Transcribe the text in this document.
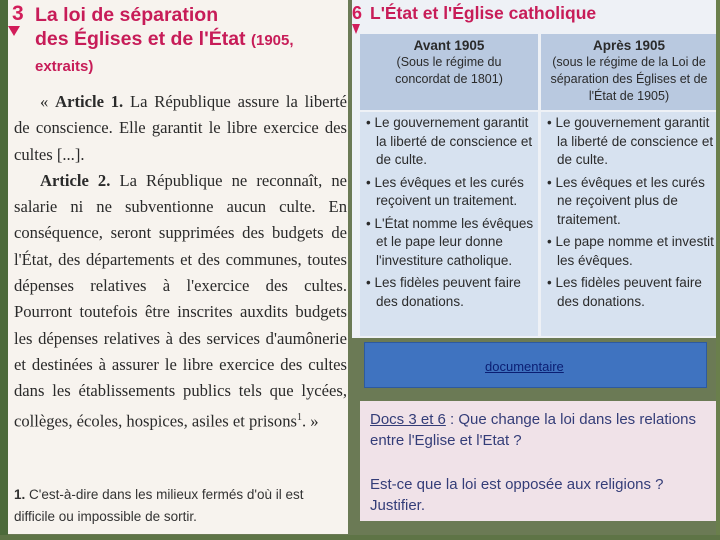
3 La loi de séparation
des Églises et de l'État (1905,
extraits)

« Article 1. La République assure la liberté de conscience. Elle garantit le libre exercice des cultes [...].

Article 2. La République ne reconnaît, ne salarie ni ne subventionne aucun culte. En conséquence, seront supprimées des budgets de l'État, des départements et des communes, toutes dépenses relatives à l'exercice des cultes. Pourront toutefois être inscrites auxdits budgets les dépenses relatives à des services d'aumônerie et destinées à assurer le libre exercice des cultes dans les établissements publics tels que lycées, collèges, écoles, hospices, asiles et prisons$^1$. »

1. C'est-à-dire dans les milieux fermés d'où il est difficile ou impossible de sortir.
6 L'État et l'Église catholique
Avant 1905
(Sous le régime du concordat de 1801)
Après 1905
(sous le régime de la Loi de séparation des Églises et de l'État de 1905)
• Le gouvernement garantit la liberté de conscience et de culte.
• Les évêques et les curés reçoivent un traitement.
• L'État nomme les évêques et le pape leur donne l'investiture catholique.
• Les fidèles peuvent faire des donations.
• Le gouvernement garantit la liberté de conscience et de culte.
• Les évêques et les curés ne reçoivent plus de traitement.
• Le pape nomme et investit les évêques.
• Les fidèles peuvent faire des donations.
documentaire
Docs 3 et 6 : Que change la loi dans les relations entre l'Eglise et l'Etat ?
Est-ce que la loi est opposée aux religions ? Justifier.
